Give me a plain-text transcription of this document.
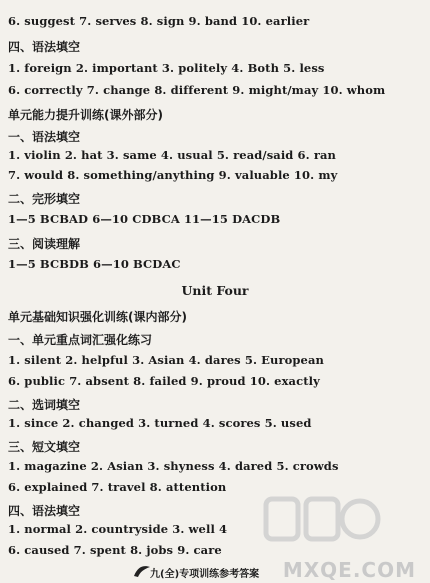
6. suggest 7. serves 8. sign 9. band 10. earlier
四、语法填空
1. foreign 2. important 3. politely 4. Both 5. less
6. correctly 7. change 8. different 9. might/may 10. whom
单元能力提升训练(课外部分)
一、语法填空
1. violin 2. hat 3. same 4. usual 5. read/said 6. ran
7. would 8. something/anything 9. valuable 10. my
二、完形填空
1—5 BCBAD 6—10 CDBCA 11—15 DACDB
三、阅读理解
1—5 BCBDB 6—10 BCDAC
Unit Four
单元基础知识强化训练(课内部分)
一、单元重点词汇强化练习
1. silent 2. helpful 3. Asian 4. dares 5. European
6. public 7. absent 8. failed 9. proud 10. exactly
二、选词填空
1. since 2. changed 3. turned 4. scores 5. used
三、短文填空
1. magazine 2. Asian 3. shyness 4. dared 5. crowds
6. explained 7. travel 8. attention
四、语法填空
1. normal 2. countryside 3. well 4
6. caused 7. spent 8. jobs 9. care
MXQE.COM
九(全)专项训练参考答案
